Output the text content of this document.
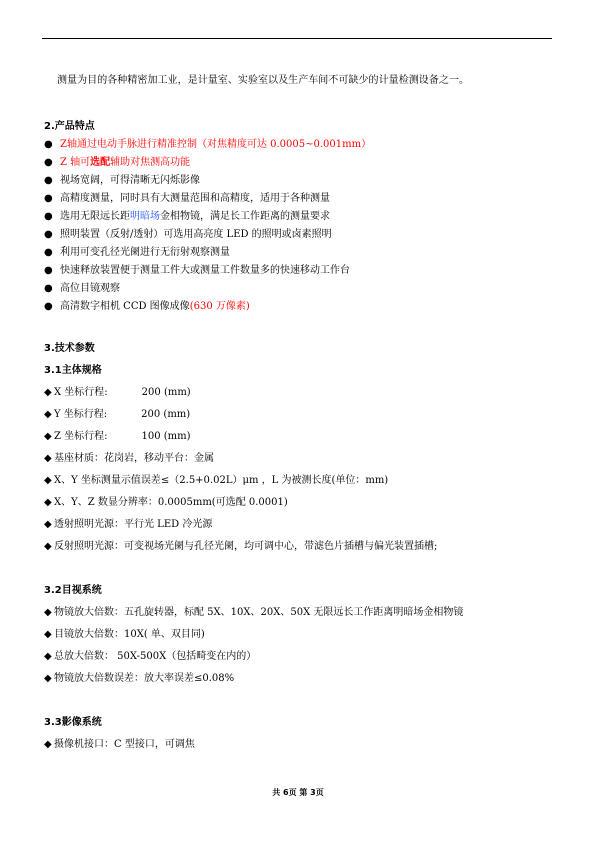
测量为目的各种精密加工业，是计量室、实验室以及生产车间不可缺少的计量检测设备之一。
2.产品特点
● Z轴通过电动手脉进行精准控制（对焦精度可达 0.0005~0.001mm）
● Z 轴可选配辅助对焦测高功能
● 视场宽阔，可得清晰无闪烁影像
● 高精度测量，同时具有大测量范围和高精度，适用于各种测量
● 选用无限远长距明暗场金相物镜，满足长工作距离的测量要求
● 照明装置（反射/透射）可选用高亮度 LED 的照明或卤素照明
● 利用可变孔径光阑进行无衍射观察测量
● 快速释放装置便于测量工件大或测量工件数量多的快速移动工作台
● 高位目镜观察
● 高清数字相机 CCD 图像成像(630 万像素)
3.技术参数
3.1主体规格
◆ X 坐标行程:	200 (mm)
◆ Y 坐标行程:	200 (mm)
◆ Z 坐标行程:	100 (mm)
◆ 基座材质：花岗岩，移动平台：金属
◆ X、Y 坐标测量示值误差≤（2.5+0.02L）μm ，L 为被测长度(单位：mm)
◆ X、Y、Z 数显分辨率：0.0005mm(可选配 0.0001)
◆ 透射照明光源：平行光 LED 冷光源
◆ 反射照明光源：可变视场光阑与孔径光阑，均可调中心，带滤色片插槽与偏光装置插槽;
3.2目视系统
◆ 物镜放大倍数：五孔旋转器，标配 5X、10X、20X、50X 无限远长工作距离明暗场金相物镜
◆ 目镜放大倍数：10X( 单、双目同)
◆ 总放大倍数： 50X-500X（包括畸变在内的）
◆ 物镜放大倍数误差：放大率误差≤0.08%
3.3影像系统
◆ 摄像机接口：C 型接口，可调焦
共 6页 第 3页
